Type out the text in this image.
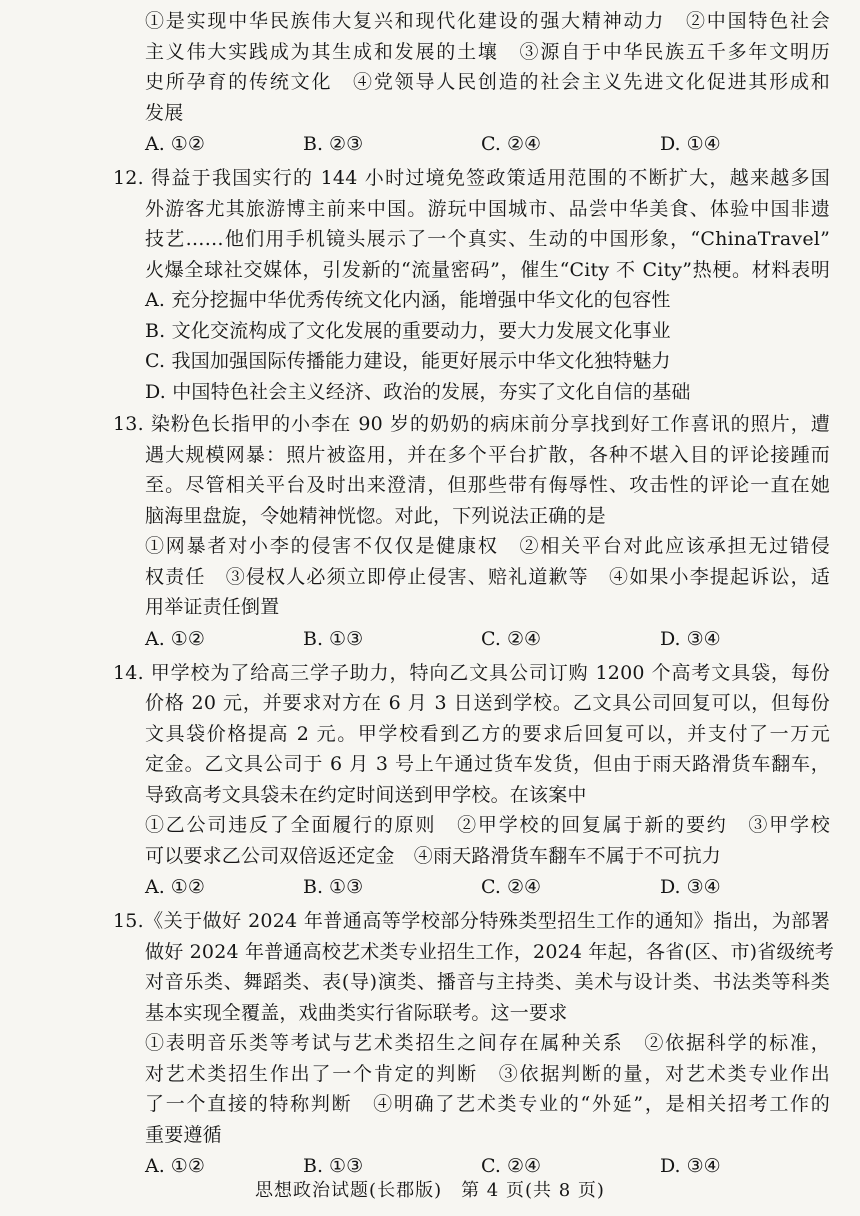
①是实现中华民族伟大复兴和现代化建设的强大精神动力　②中国特色社会
主义伟大实践成为其生成和发展的土壤　③源自于中华民族五千多年文明历
史所孕育的传统文化　④党领导人民创造的社会主义先进文化促进其形成和
发展
A. ①②	B. ②③	C. ②④	D. ①④
12. 得益于我国实行的 144 小时过境免签政策适用范围的不断扩大，越来越多国
外游客尤其旅游博主前来中国。游玩中国城市、品尝中华美食、体验中国非遗
技艺……他们用手机镜头展示了一个真实、生动的中国形象，“ChinaTravel”
火爆全球社交媒体，引发新的“流量密码”，催生“City 不 City”热梗。材料表明
A. 充分挖掘中华优秀传统文化内涵，能增强中华文化的包容性
B. 文化交流构成了文化发展的重要动力，要大力发展文化事业
C. 我国加强国际传播能力建设，能更好展示中华文化独特魅力
D. 中国特色社会主义经济、政治的发展，夯实了文化自信的基础
13. 染粉色长指甲的小李在 90 岁的奶奶的病床前分享找到好工作喜讯的照片，遭
遇大规模网暴：照片被盗用，并在多个平台扩散，各种不堪入目的评论接踵而
至。尽管相关平台及时出来澄清，但那些带有侮辱性、攻击性的评论一直在她
脑海里盘旋，令她精神恍惚。对此，下列说法正确的是
①网暴者对小李的侵害不仅仅是健康权　②相关平台对此应该承担无过错侵
权责任　③侵权人必须立即停止侵害、赔礼道歉等　④如果小李提起诉讼，适
用举证责任倒置
A. ①②	B. ①③	C. ②④	D. ③④
14. 甲学校为了给高三学子助力，特向乙文具公司订购 1200 个高考文具袋，每份
价格 20 元，并要求对方在 6 月 3 日送到学校。乙文具公司回复可以，但每份
文具袋价格提高 2 元。甲学校看到乙方的要求后回复可以，并支付了一万元
定金。乙文具公司于 6 月 3 号上午通过货车发货，但由于雨天路滑货车翻车，
导致高考文具袋未在约定时间送到甲学校。在该案中
①乙公司违反了全面履行的原则　②甲学校的回复属于新的要约　③甲学校
可以要求乙公司双倍返还定金　④雨天路滑货车翻车不属于不可抗力
A. ①②	B. ①③	C. ②④	D. ③④
15.《关于做好 2024 年普通高等学校部分特殊类型招生工作的通知》指出，为部署
做好 2024 年普通高校艺术类专业招生工作，2024 年起，各省(区、市)省级统考
对音乐类、舞蹈类、表(导)演类、播音与主持类、美术与设计类、书法类等科类
基本实现全覆盖，戏曲类实行省际联考。这一要求
①表明音乐类等考试与艺术类招生之间存在属种关系　②依据科学的标准，
对艺术类招生作出了一个肯定的判断　③依据判断的量，对艺术类专业作出
了一个直接的特称判断　④明确了艺术类专业的“外延”，是相关招考工作的
重要遵循
A. ①②	B. ①③	C. ②④	D. ③④
思想政治试题(长郡版)　第 4 页(共 8 页)
